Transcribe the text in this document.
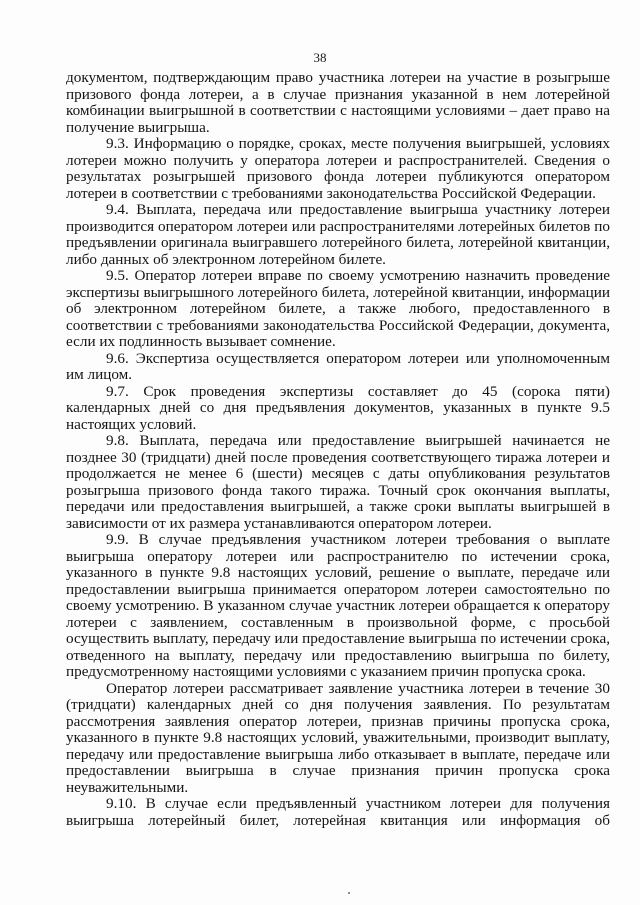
38

документом, подтверждающим право участника лотереи на участие в розыгрыше призового фонда лотереи, а в случае признания указанной в нем лотерейной комбинации выигрышной в соответствии с настоящими условиями – дает право на получение выигрыша.

9.3. Информацию о порядке, сроках, месте получения выигрышей, условиях лотереи можно получить у оператора лотереи и распространителей. Сведения о результатах розыгрышей призового фонда лотереи публикуются оператором лотереи в соответствии с требованиями законодательства Российской Федерации.

9.4. Выплата, передача или предоставление выигрыша участнику лотереи производится оператором лотереи или распространителями лотерейных билетов по предъявлении оригинала выигравшего лотерейного билета, лотерейной квитанции, либо данных об электронном лотерейном билете.

9.5. Оператор лотереи вправе по своему усмотрению назначить проведение экспертизы выигрышного лотерейного билета, лотерейной квитанции, информации об электронном лотерейном билете, а также любого, предоставленного в соответствии с требованиями законодательства Российской Федерации, документа, если их подлинность вызывает сомнение.

9.6. Экспертиза осуществляется оператором лотереи или уполномоченным им лицом.

9.7. Срок проведения экспертизы составляет до 45 (сорока пяти) календарных дней со дня предъявления документов, указанных в пункте 9.5 настоящих условий.

9.8. Выплата, передача или предоставление выигрышей начинается не позднее 30 (тридцати) дней после проведения соответствующего тиража лотереи и продолжается не менее 6 (шести) месяцев с даты опубликования результатов розыгрыша призового фонда такого тиража. Точный срок окончания выплаты, передачи или предоставления выигрышей, а также сроки выплаты выигрышей в зависимости от их размера устанавливаются оператором лотереи.

9.9. В случае предъявления участником лотереи требования о выплате выигрыша оператору лотереи или распространителю по истечении срока, указанного в пункте 9.8 настоящих условий, решение о выплате, передаче или предоставлении выигрыша принимается оператором лотереи самостоятельно по своему усмотрению. В указанном случае участник лотереи обращается к оператору лотереи с заявлением, составленным в произвольной форме, с просьбой осуществить выплату, передачу или предоставление выигрыша по истечении срока, отведенного на выплату, передачу или предоставлению выигрыша по билету, предусмотренному настоящими условиями с указанием причин пропуска срока.

Оператор лотереи рассматривает заявление участника лотереи в течение 30 (тридцати) календарных дней со дня получения заявления. По результатам рассмотрения заявления оператор лотереи, признав причины пропуска срока, указанного в пункте 9.8 настоящих условий, уважительными, производит выплату, передачу или предоставление выигрыша либо отказывает в выплате, передаче или предоставлении выигрыша в случае признания причин пропуска срока неуважительными.

9.10. В случае если предъявленный участником лотереи для получения выигрыша лотерейный билет, лотерейная квитанция или информация об
